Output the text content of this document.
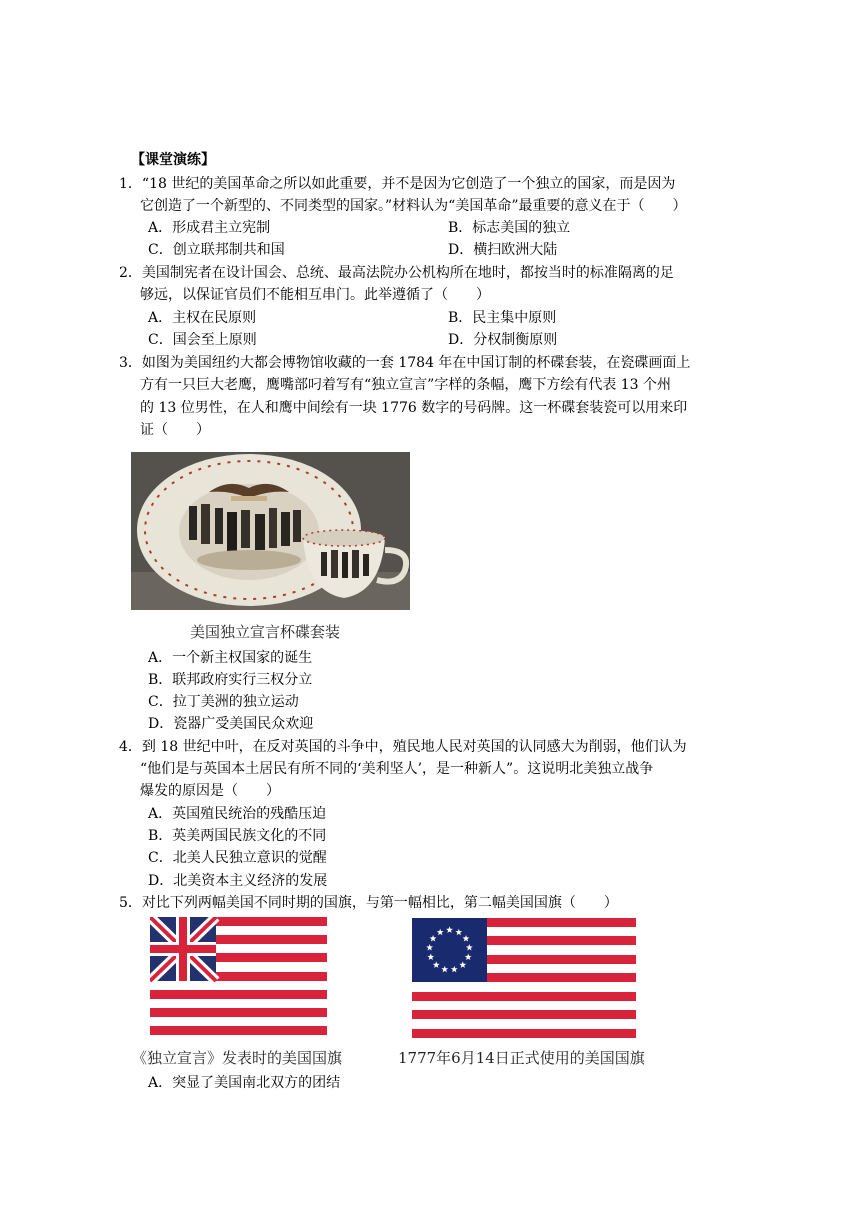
【课堂演练】
1．“18 世纪的美国革命之所以如此重要，并不是因为它创造了一个独立的国家，而是因为
它创造了一个新型的、不同类型的国家。”材料认为“美国革命”最重要的意义在于（　　）
A．形成君主立宪制	B．标志美国的独立
C．创立联邦制共和国	D．横扫欧洲大陆
2．美国制宪者在设计国会、总统、最高法院办公机构所在地时，都按当时的标准隔离的足
够远，以保证官员们不能相互串门。此举遵循了（　　）
A．主权在民原则	B．民主集中原则
C．国会至上原则	D．分权制衡原则
3．如图为美国纽约大都会博物馆收藏的一套 1784 年在中国订制的杯碟套装，在瓷碟画面上
方有一只巨大老鹰，鹰嘴部叼着写有“独立宣言”字样的条幅，鹰下方绘有代表 13 个州
的 13 位男性，在人和鹰中间绘有一块 1776 数字的号码牌。这一杯碟套装瓷可以用来印
证（　　）
美国独立宣言杯碟套装
A．一个新主权国家的诞生
B．联邦政府实行三权分立
C．拉丁美洲的独立运动
D．瓷器广受美国民众欢迎
4．到 18 世纪中叶，在反对英国的斗争中，殖民地人民对英国的认同感大为削弱，他们认为
“他们是与英国本土居民有所不同的‘美利坚人’，是一种新人”。这说明北美独立战争
爆发的原因是（　　）
A．英国殖民统治的残酷压迫
B．英美两国民族文化的不同
C．北美人民独立意识的觉醒
D．北美资本主义经济的发展
5．对比下列两幅美国不同时期的国旗，与第一幅相比，第二幅美国国旗（　　）
《独立宣言》发表时的美国国旗	1777年6月14日正式使用的美国国旗
A．突显了美国南北双方的团结
